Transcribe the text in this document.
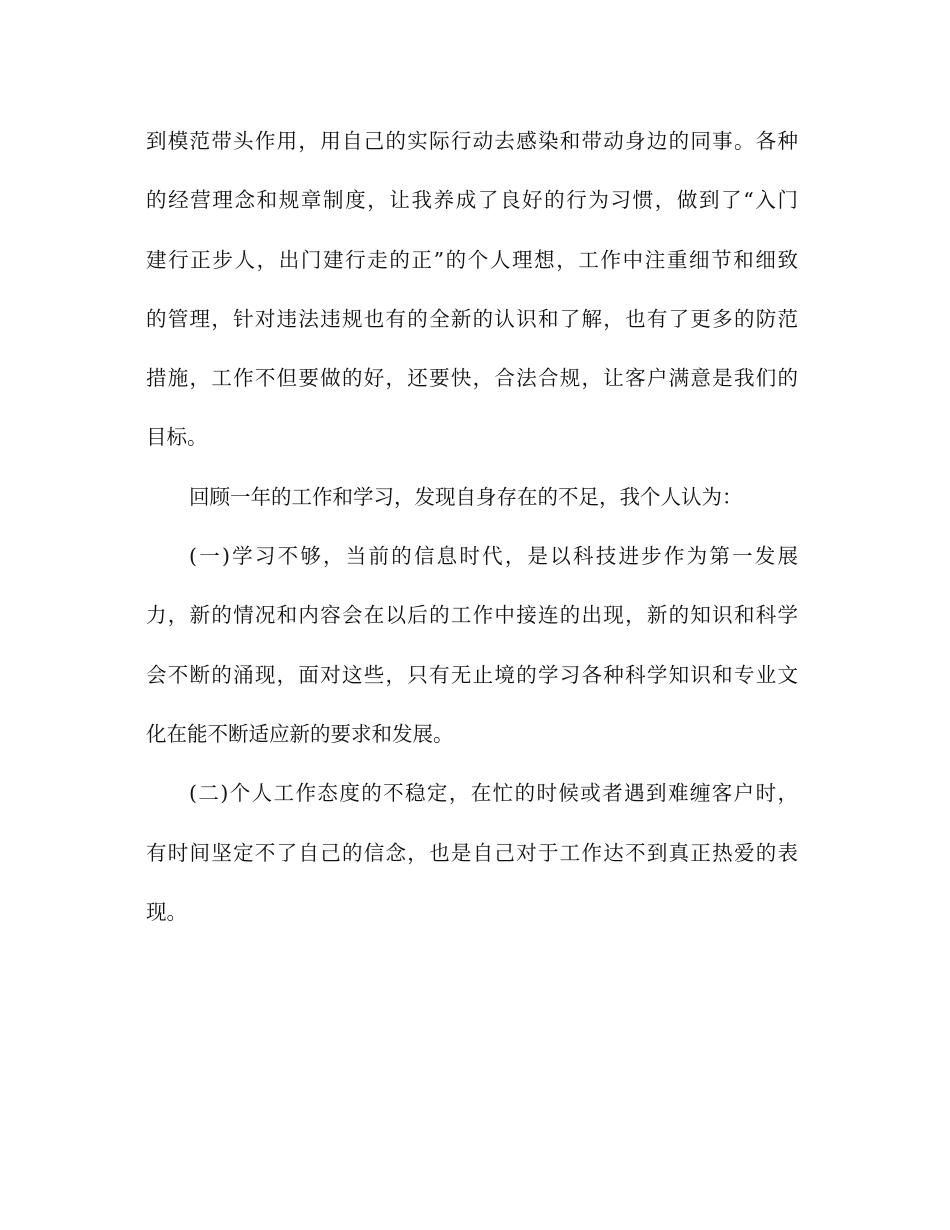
到模范带头作用，用自己的实际行动去感染和带动身边的同事。各种
的经营理念和规章制度，让我养成了良好的行为习惯，做到了“入门
建行正步人，出门建行走的正”的个人理想，工作中注重细节和细致
的管理，针对违法违规也有的全新的认识和了解，也有了更多的防范
措施，工作不但要做的好，还要快，合法合规，让客户满意是我们的
目标。
回顾一年的工作和学习，发现自身存在的不足，我个人认为：
(一)学习不够，当前的信息时代，是以科技进步作为第一发展
力，新的情况和内容会在以后的工作中接连的出现，新的知识和科学
会不断的涌现，面对这些，只有无止境的学习各种科学知识和专业文
化在能不断适应新的要求和发展。
(二)个人工作态度的不稳定，在忙的时候或者遇到难缠客户时，
有时间坚定不了自己的信念，也是自己对于工作达不到真正热爱的表
现。
